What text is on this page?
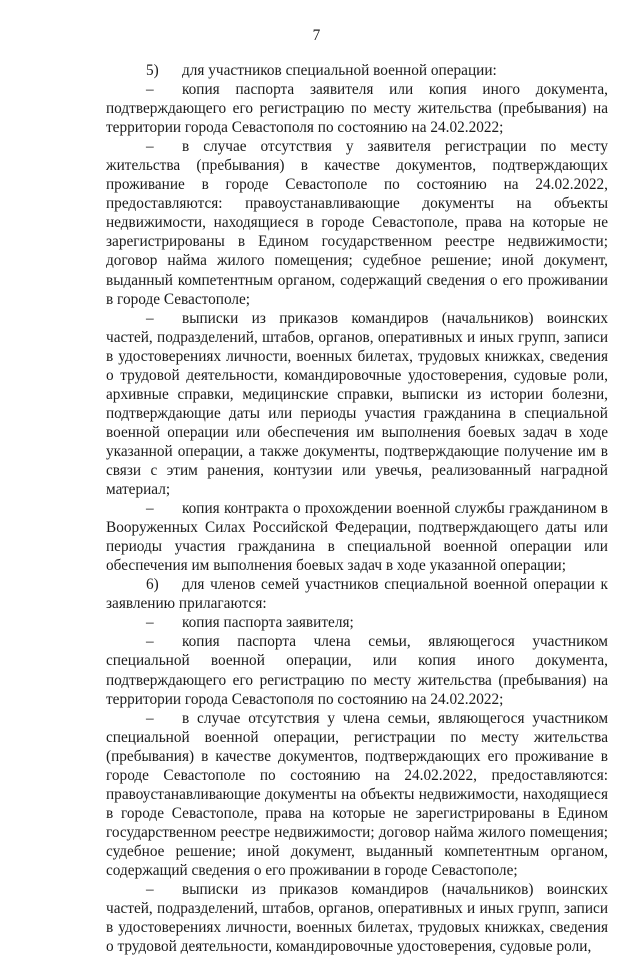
7

5) для участников специальной военной операции:

– копия паспорта заявителя или копия иного документа, подтверждающего его регистрацию по месту жительства (пребывания) на территории города Севастополя по состоянию на 24.02.2022;

– в случае отсутствия у заявителя регистрации по месту жительства (пребывания) в качестве документов, подтверждающих проживание в городе Севастополе по состоянию на 24.02.2022, предоставляются: правоустанавливающие документы на объекты недвижимости, находящиеся в городе Севастополе, права на которые не зарегистрированы в Едином государственном реестре недвижимости; договор найма жилого помещения; судебное решение; иной документ, выданный компетентным органом, содержащий сведения о его проживании в городе Севастополе;

– выписки из приказов командиров (начальников) воинских частей, подразделений, штабов, органов, оперативных и иных групп, записи в удостоверениях личности, военных билетах, трудовых книжках, сведения о трудовой деятельности, командировочные удостоверения, судовые роли, архивные справки, медицинские справки, выписки из истории болезни, подтверждающие даты или периоды участия гражданина в специальной военной операции или обеспечения им выполнения боевых задач в ходе указанной операции, а также документы, подтверждающие получение им в связи с этим ранения, контузии или увечья, реализованный наградной материал;

– копия контракта о прохождении военной службы гражданином в Вооруженных Силах Российской Федерации, подтверждающего даты или периоды участия гражданина в специальной военной операции или обеспечения им выполнения боевых задач в ходе указанной операции;

6) для членов семей участников специальной военной операции к заявлению прилагаются:

– копия паспорта заявителя;

– копия паспорта члена семьи, являющегося участником специальной военной операции, или копия иного документа, подтверждающего его регистрацию по месту жительства (пребывания) на территории города Севастополя по состоянию на 24.02.2022;

– в случае отсутствия у члена семьи, являющегося участником специальной военной операции, регистрации по месту жительства (пребывания) в качестве документов, подтверждающих его проживание в городе Севастополе по состоянию на 24.02.2022, предоставляются: правоустанавливающие документы на объекты недвижимости, находящиеся в городе Севастополе, права на которые не зарегистрированы в Едином государственном реестре недвижимости; договор найма жилого помещения; судебное решение; иной документ, выданный компетентным органом, содержащий сведения о его проживании в городе Севастополе;

– выписки из приказов командиров (начальников) воинских частей, подразделений, штабов, органов, оперативных и иных групп, записи в удостоверениях личности, военных билетах, трудовых книжках, сведения о трудовой деятельности, командировочные удостоверения, судовые роли,
